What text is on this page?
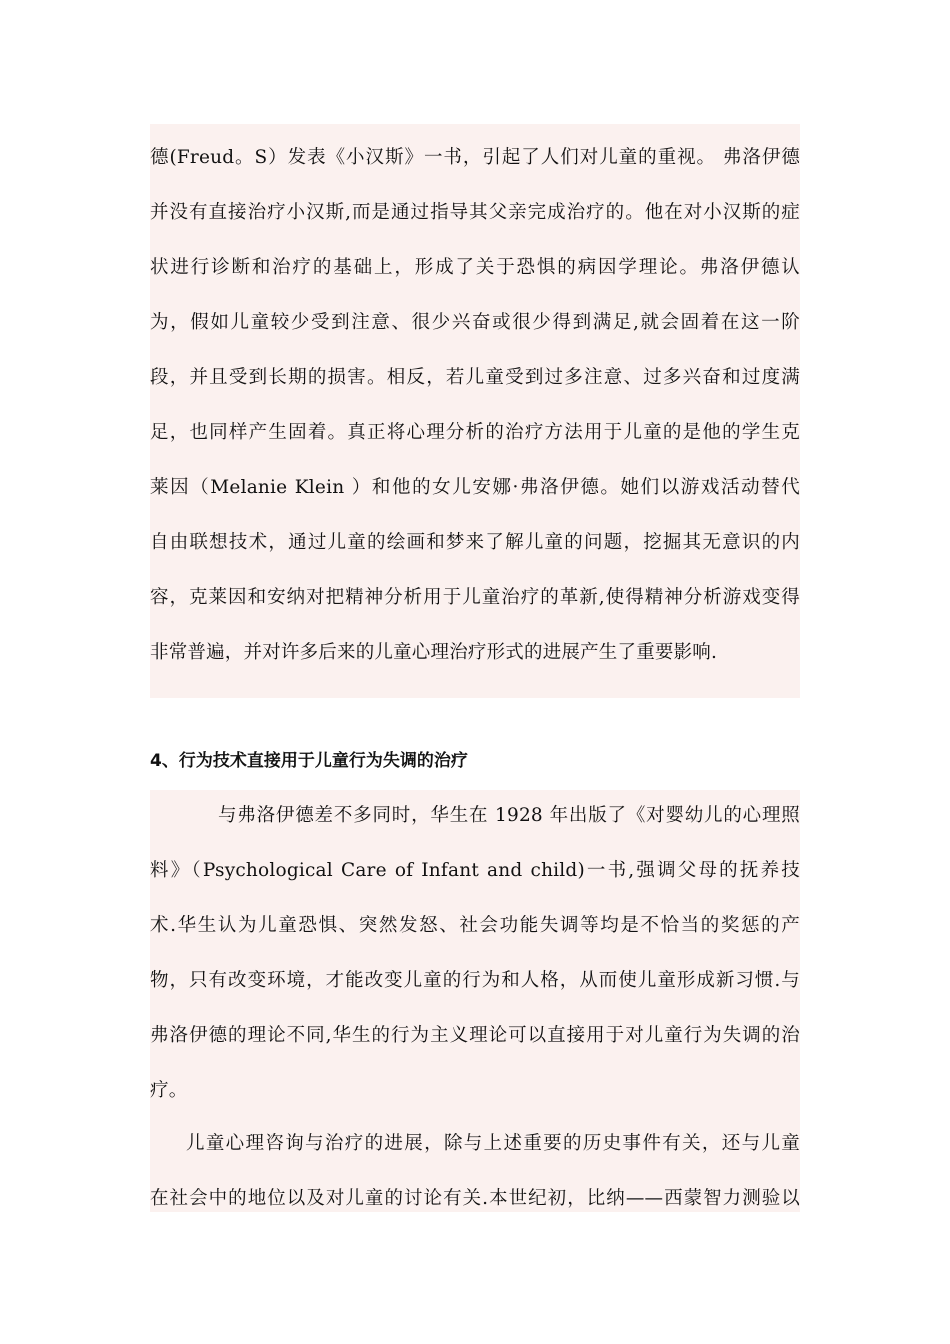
德(Freud。S）发表《小汉斯》一书，引起了人们对儿童的重视。 弗洛伊德
并没有直接治疗小汉斯,而是通过指导其父亲完成治疗的。他在对小汉斯的症
状进行诊断和治疗的基础上，形成了关于恐惧的病因学理论。弗洛伊德认
为，假如儿童较少受到注意、很少兴奋或很少得到满足,就会固着在这一阶
段，并且受到长期的损害。相反，若儿童受到过多注意、过多兴奋和过度满
足，也同样产生固着。真正将心理分析的治疗方法用于儿童的是他的学生克
莱因（Melanie Klein ）和他的女儿安娜·弗洛伊德。她们以游戏活动替代
自由联想技术，通过儿童的绘画和梦来了解儿童的问题，挖掘其无意识的内
容，克莱因和安纳对把精神分析用于儿童治疗的革新,使得精神分析游戏变得
非常普遍，并对许多后来的儿童心理治疗形式的进展产生了重要影响.
4、行为技术直接用于儿童行为失调的治疗
与弗洛伊德差不多同时，华生在 1928 年出版了《对婴幼儿的心理照
料》（Psychological Care of Infant and child)一书,强调父母的抚养技
术.华生认为儿童恐惧、突然发怒、社会功能失调等均是不恰当的奖惩的产
物，只有改变环境，才能改变儿童的行为和人格，从而使儿童形成新习惯.与
弗洛伊德的理论不同,华生的行为主义理论可以直接用于对儿童行为失调的治
疗。
儿童心理咨询与治疗的进展，除与上述重要的历史事件有关，还与儿童
在社会中的地位以及对儿童的讨论有关.本世纪初，比纳——西蒙智力测验以
